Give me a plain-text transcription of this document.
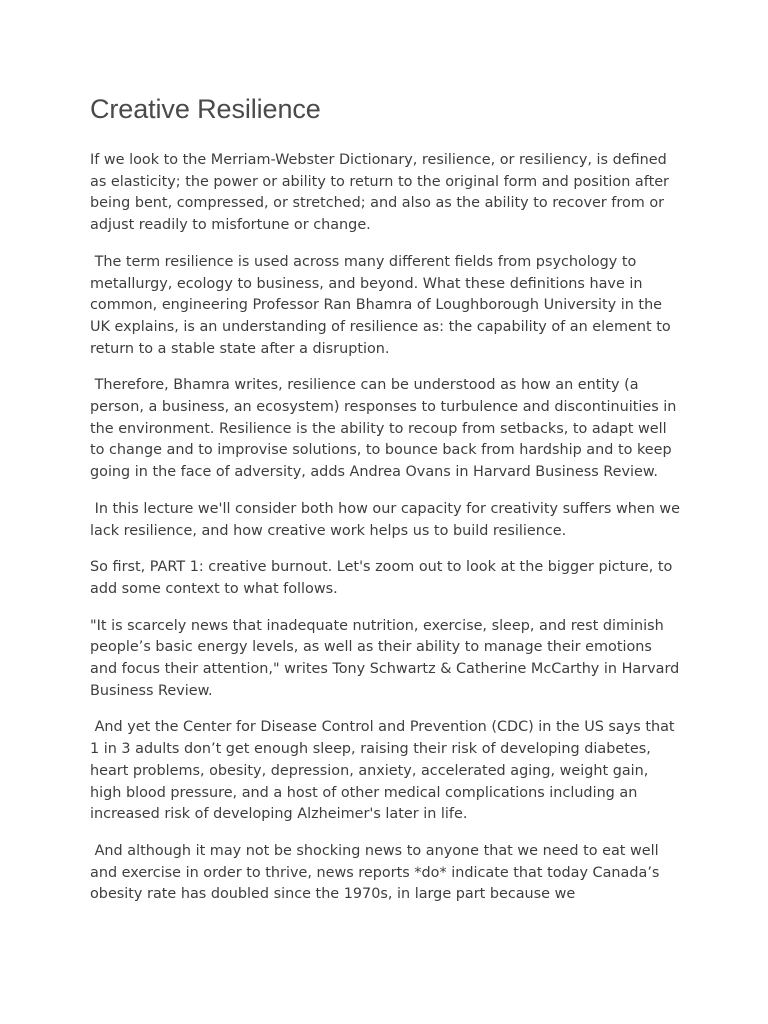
Creative Resilience

If we look to the Merriam-Webster Dictionary, resilience, or resiliency, is defined as elasticity; the power or ability to return to the original form and position after being bent, compressed, or stretched; and also as the ability to recover from or adjust readily to misfortune or change.

The term resilience is used across many different fields from psychology to metallurgy, ecology to business, and beyond. What these definitions have in common, engineering Professor Ran Bhamra of Loughborough University in the UK explains, is an understanding of resilience as: the capability of an element to return to a stable state after a disruption.

Therefore, Bhamra writes, resilience can be understood as how an entity (a person, a business, an ecosystem) responses to turbulence and discontinuities in the environment. Resilience is the ability to recoup from setbacks, to adapt well to change and to improvise solutions, to bounce back from hardship and to keep going in the face of adversity, adds Andrea Ovans in Harvard Business Review.

In this lecture we'll consider both how our capacity for creativity suffers when we lack resilience, and how creative work helps us to build resilience.

So first, PART 1: creative burnout. Let's zoom out to look at the bigger picture, to add some context to what follows.

"It is scarcely news that inadequate nutrition, exercise, sleep, and rest diminish people’s basic energy levels, as well as their ability to manage their emotions and focus their attention," writes Tony Schwartz & Catherine McCarthy in Harvard Business Review.

And yet the Center for Disease Control and Prevention (CDC) in the US says that 1 in 3 adults don’t get enough sleep, raising their risk of developing diabetes, heart problems, obesity, depression, anxiety, accelerated aging, weight gain, high blood pressure, and a host of other medical complications including an increased risk of developing Alzheimer's later in life.

And although it may not be shocking news to anyone that we need to eat well and exercise in order to thrive, news reports *do* indicate that today Canada’s obesity rate has doubled since the 1970s, in large part because we
